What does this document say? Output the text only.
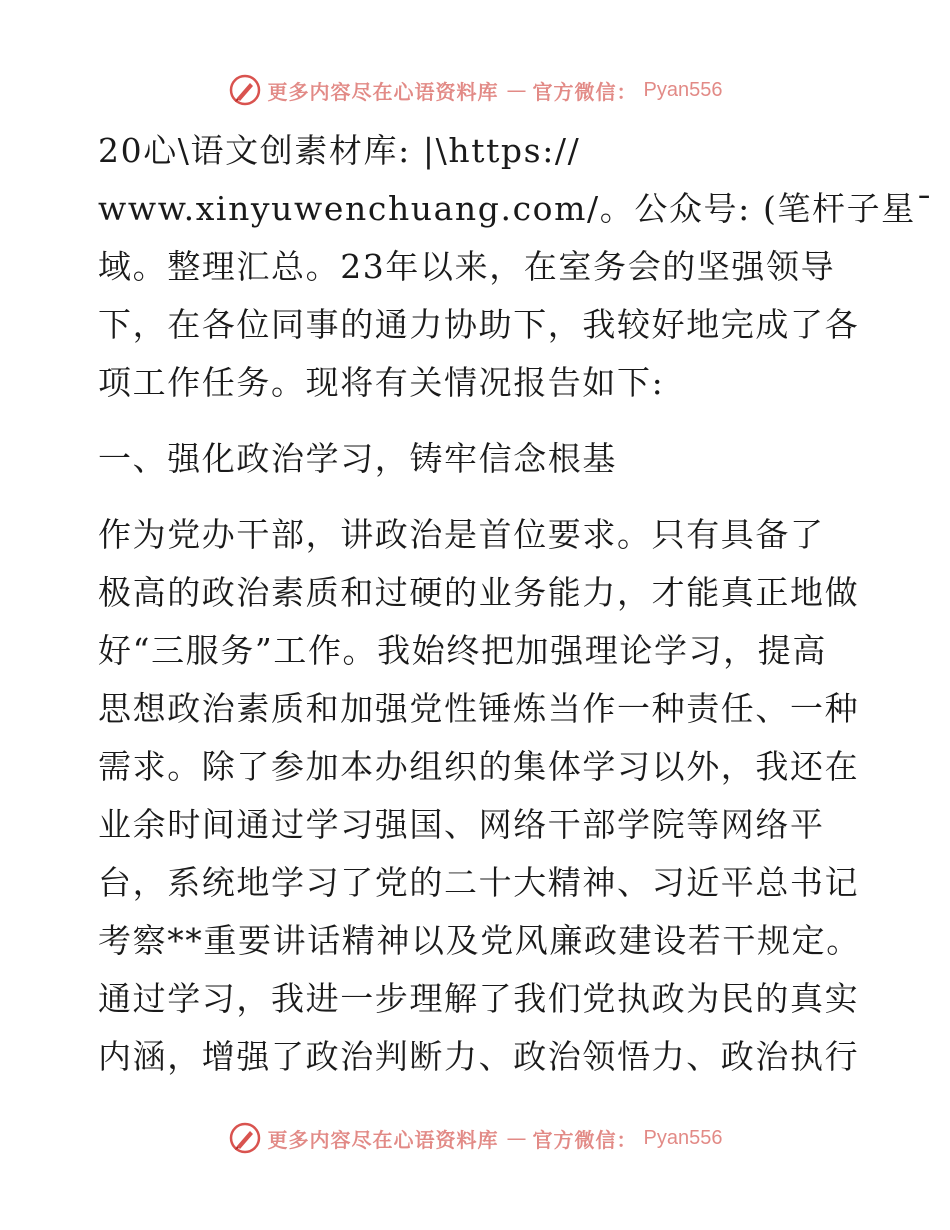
更多内容尽在心语资料库 — 官方微信： Pyan556
20心\语文创素材库: |\https://
www.xinyuwenchuang.com/。公众号: (笔杆子星¯
域。整理汇总。23年以来，在室务会的坚强领导
下，在各位同事的通力协助下，我较好地完成了各
项工作任务。现将有关情况报告如下:
一、强化政治学习，铸牢信念根基
作为党办干部，讲政治是首位要求。只有具备了
极高的政治素质和过硬的业务能力，才能真正地做
好“三服务”工作。我始终把加强理论学习，提高
思想政治素质和加强党性锤炼当作一种责任、一种
需求。除了参加本办组织的集体学习以外，我还在
业余时间通过学习强国、网络干部学院等网络平
台，系统地学习了党的二十大精神、习近平总书记
考察**重要讲话精神以及党风廉政建设若干规定。
通过学习，我进一步理解了我们党执政为民的真实
内涵，增强了政治判断力、政治领悟力、政治执行
更多内容尽在心语资料库 — 官方微信： Pyan556
